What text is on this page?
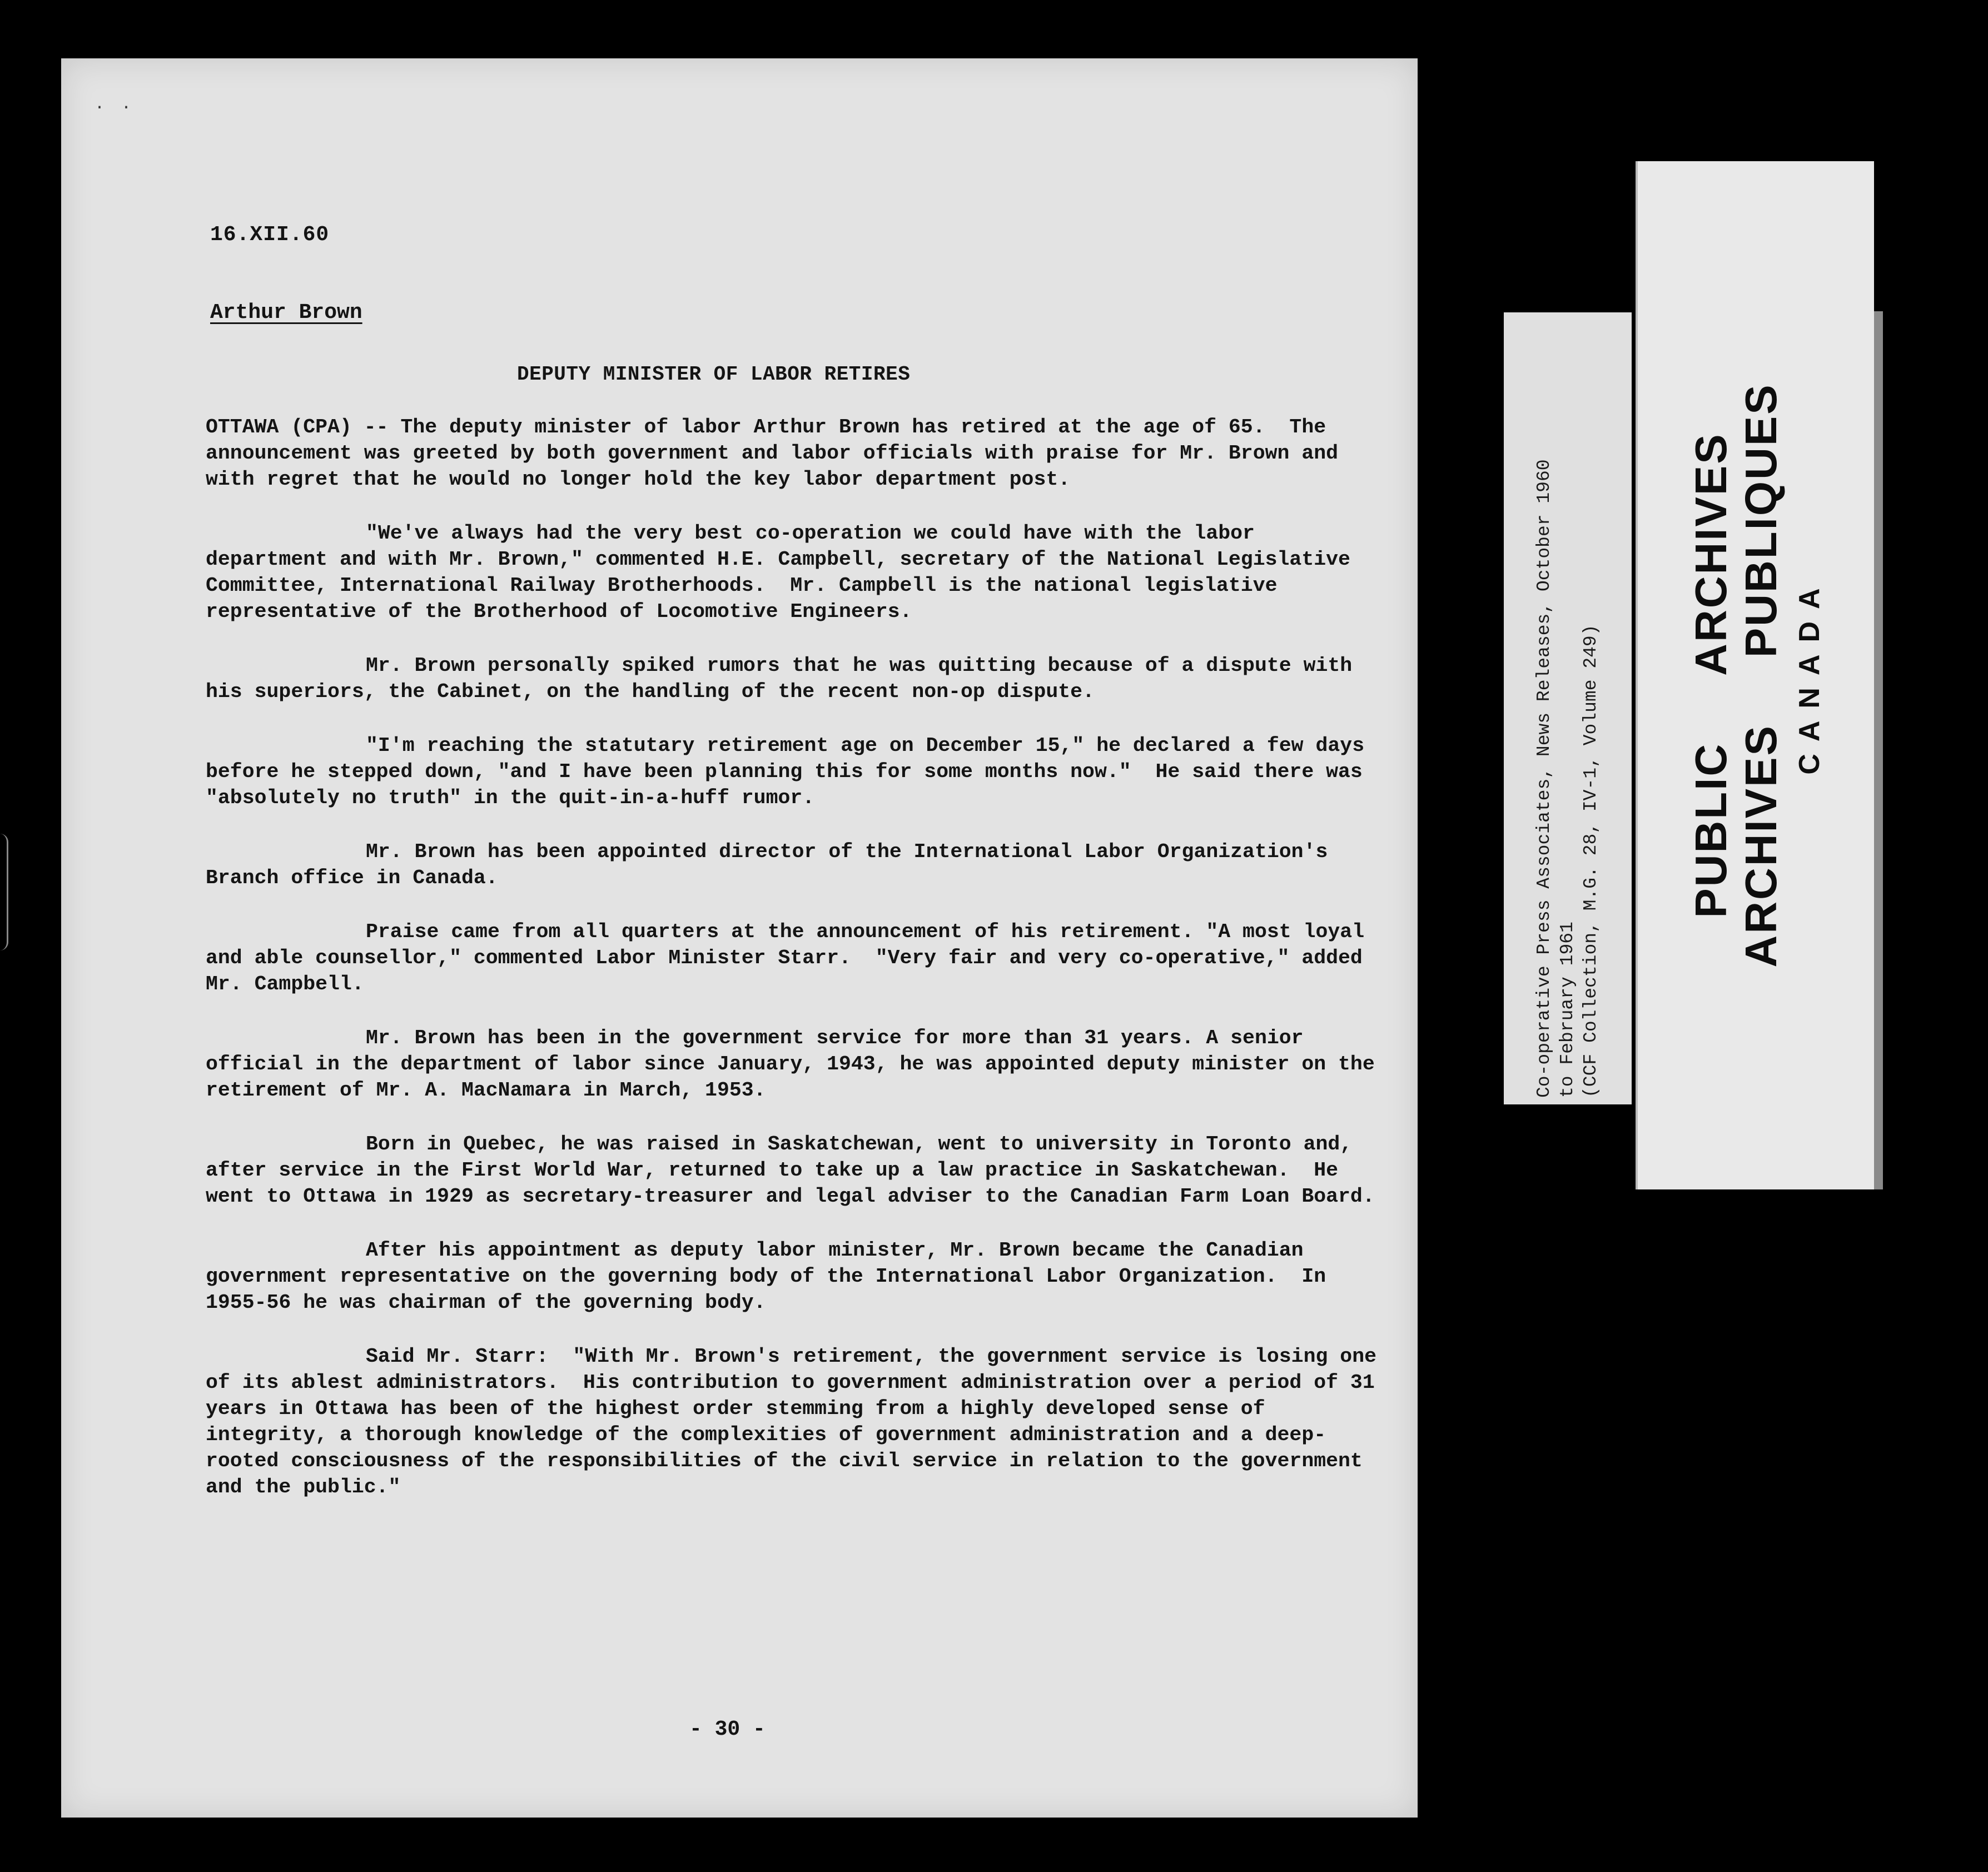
··
16.XII.60
Arthur Brown
DEPUTY MINISTER OF LABOR RETIRES

OTTAWA (CPA) -- The deputy minister of labor Arthur Brown has retired at the age of 65.  The announcement was greeted by both government and labor officials with praise for Mr. Brown and with regret that he would no longer hold the key labor department post.

"We've always had the very best co-operation we could have with the labor department and with Mr. Brown," commented H.E. Campbell, secretary of the National Legislative Committee, International Railway Brotherhoods.  Mr. Campbell is the national legislative representative of the Brotherhood of Locomotive Engineers.

Mr. Brown personally spiked rumors that he was quitting because of a dispute with his superiors, the Cabinet, on the handling of the recent non-op dispute.

"I'm reaching the statutary retirement age on December 15," he declared a few days before he stepped down, "and I have been planning this for some months now."  He said there was "absolutely no truth" in the quit-in-a-huff rumor.

Mr. Brown has been appointed director of the International Labor Organization's Branch office in Canada.

Praise came from all quarters at the announcement of his retirement. "A most loyal and able counsellor," commented Labor Minister Starr.  "Very fair and very co-operative," added Mr. Campbell.

Mr. Brown has been in the government service for more than 31 years. A senior official in the department of labor since January, 1943, he was appointed deputy minister on the retirement of Mr. A. MacNamara in March, 1953.

Born in Quebec, he was raised in Saskatchewan, went to university in Toronto and, after service in the First World War, returned to take up a law practice in Saskatchewan.  He went to Ottawa in 1929 as secretary-treasurer and legal adviser to the Canadian Farm Loan Board.

After his appointment as deputy labor minister, Mr. Brown became the Canadian government representative on the governing body of the International Labor Organization.  In 1955-56 he was chairman of the governing body.

Said Mr. Starr:  "With Mr. Brown's retirement, the government service is losing one of its ablest administrators.  His contribution to government administration over a period of 31 years in Ottawa has been of the highest order stemming from a highly developed sense of integrity, a thorough knowledge of the complexities of government administration and a deep-rooted consciousness of the responsibilities of the civil service in relation to the government and the public."

- 30 -
Co-operative Press Associates, News Releases, October 1960 to February 1961 (CCF Collection, M.G. 28, IV-1, Volume 249) PUBLIC
ARCHIVES
ARCHIVES
PUBLIQUES
CANADA
